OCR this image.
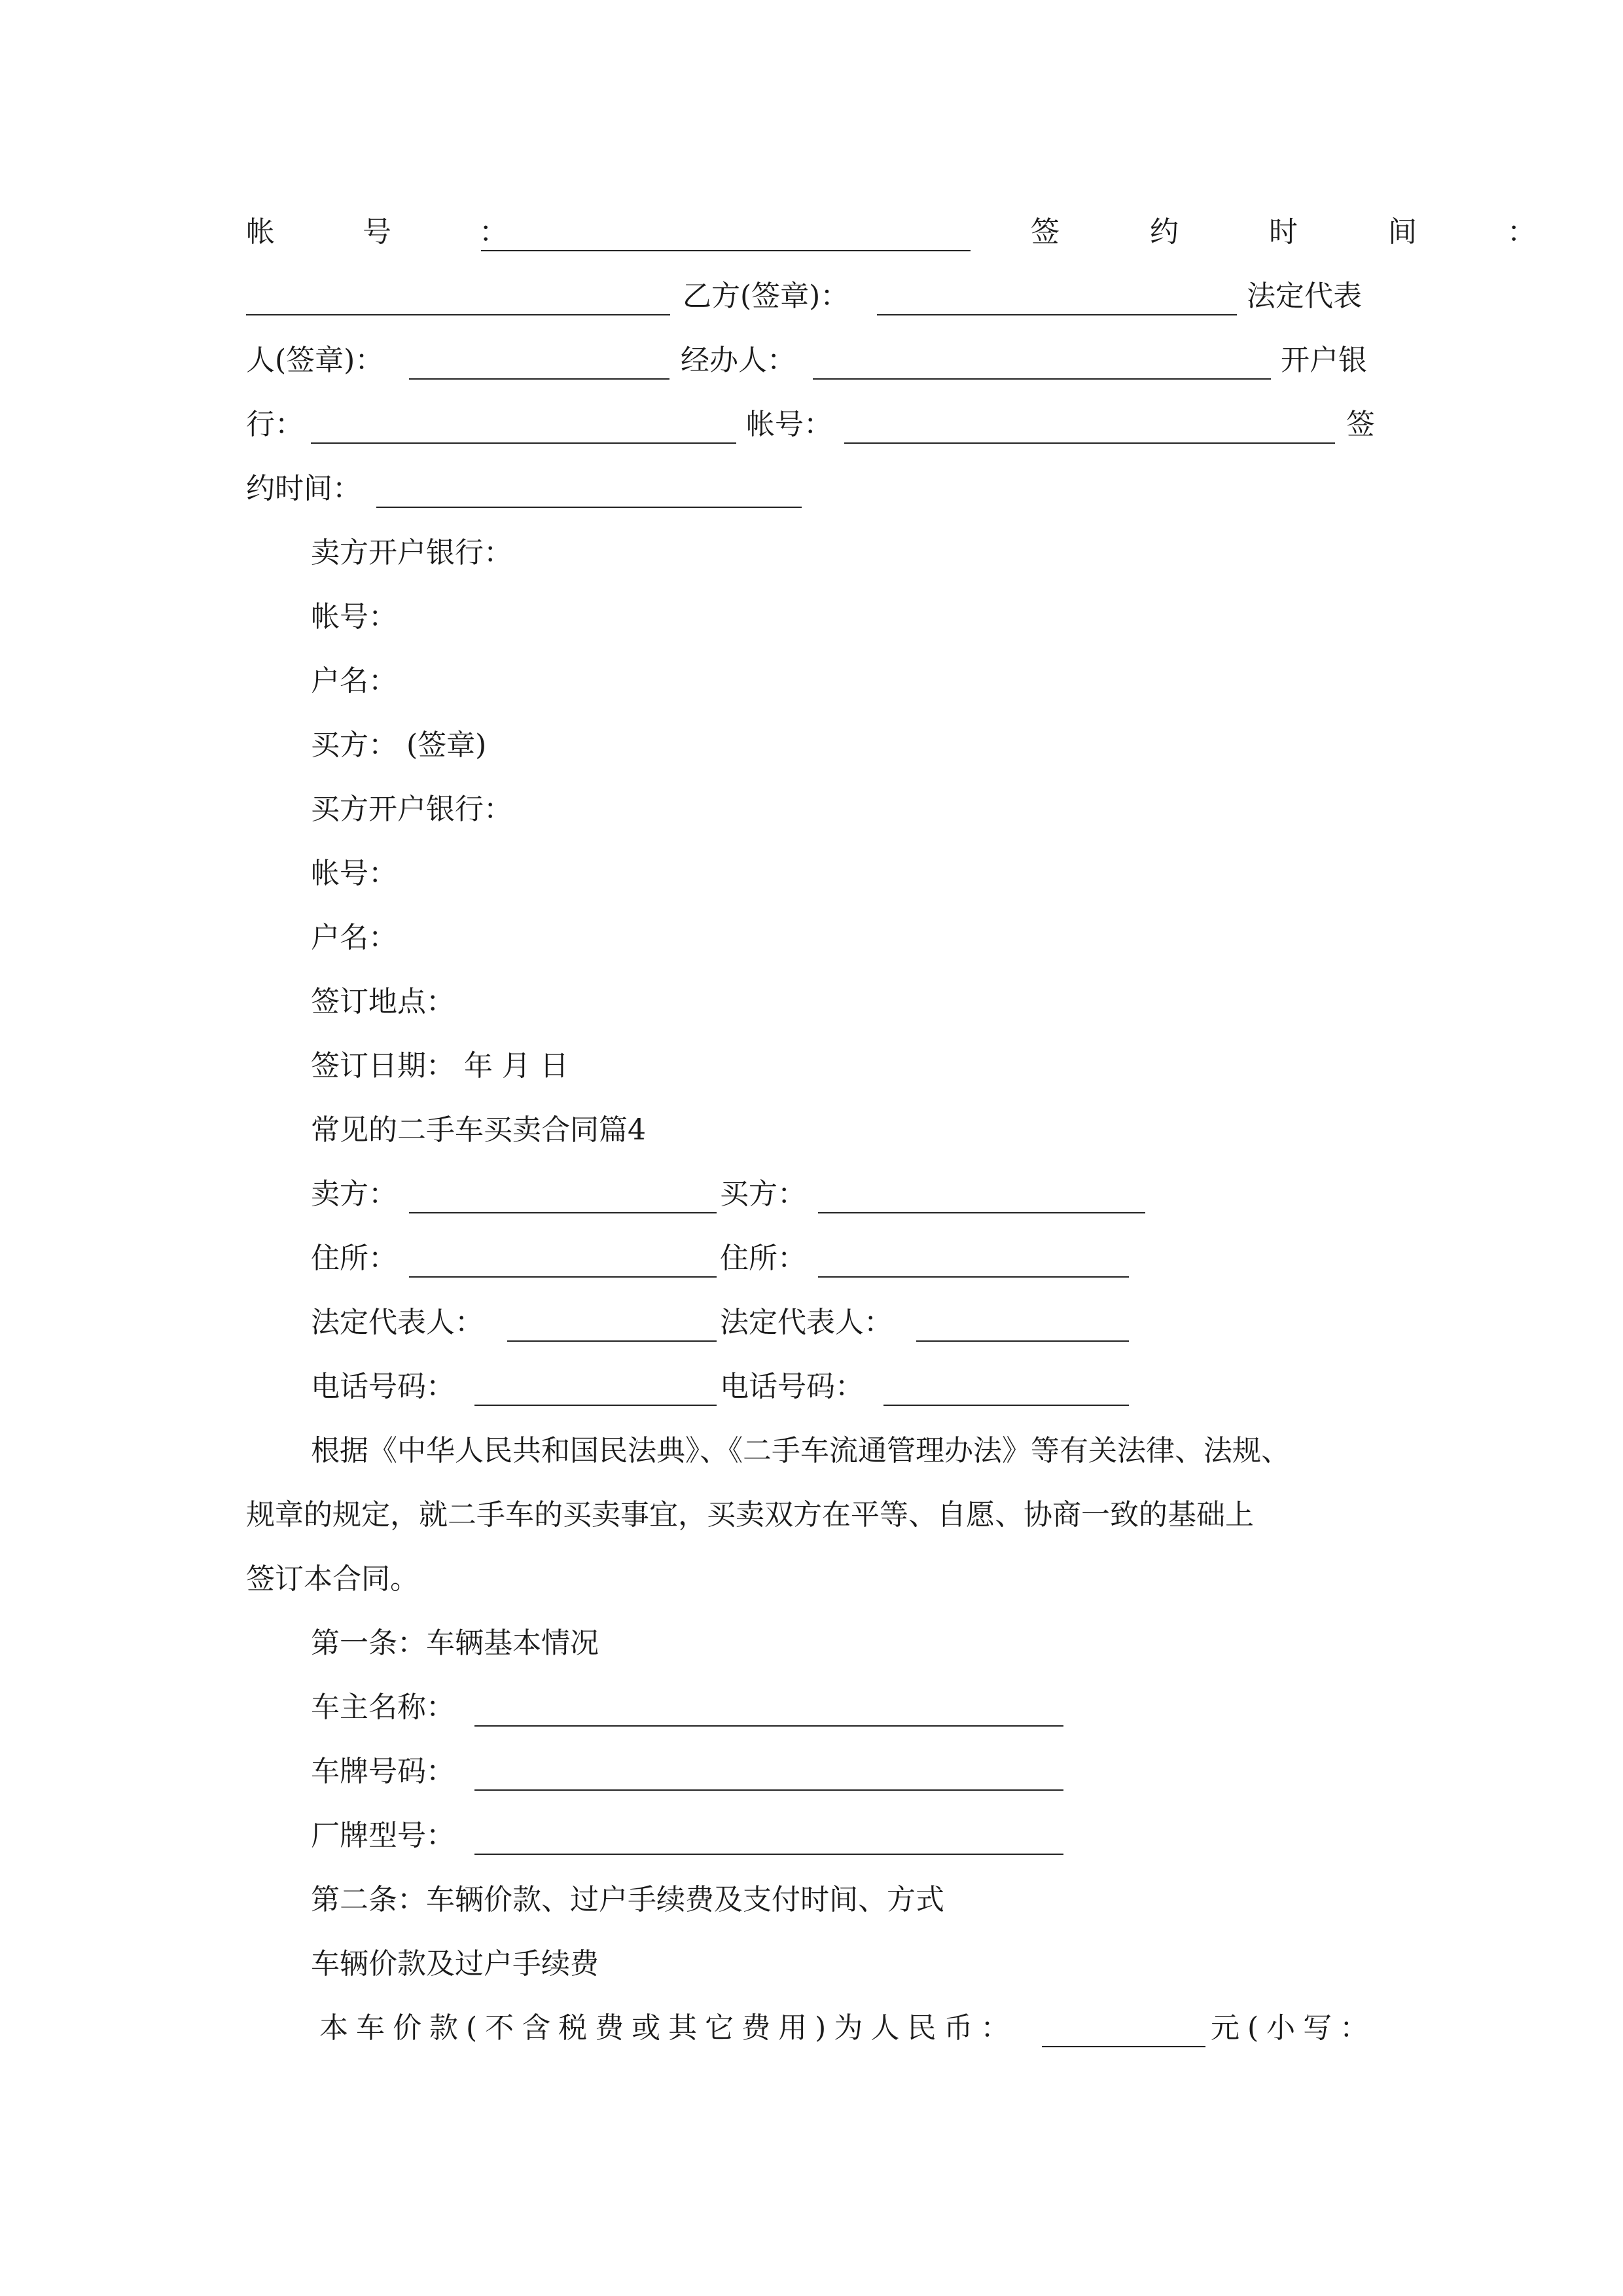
帐 号 ：	签 约 时 间 ：
乙方(签章)：	法定代表
人(签章)：	经办人：	开户银
行：	帐号：	签
约时间：
卖方开户银行：
帐号：
户名：
买方： (签章)
买方开户银行：
帐号：
户名：
签订地点：
签订日期： 年 月 日
常见的二手车买卖合同篇4
卖方：	买方：
住所：	住所：
法定代表人：	法定代表人：
电话号码：	电话号码：
根据《中华人民共和国民法典》、《二手车流通管理办法》等有关法律、法规、
规章的规定，就二手车的买卖事宜，买卖双方在平等、自愿、协商一致的基础上
签订本合同。
第一条：车辆基本情况
车主名称：
车牌号码：
厂牌型号：
第二条：车辆价款、过户手续费及支付时间、方式
车辆价款及过户手续费
本车价款(不含税费或其它费用)为人民币：	元(小写：
